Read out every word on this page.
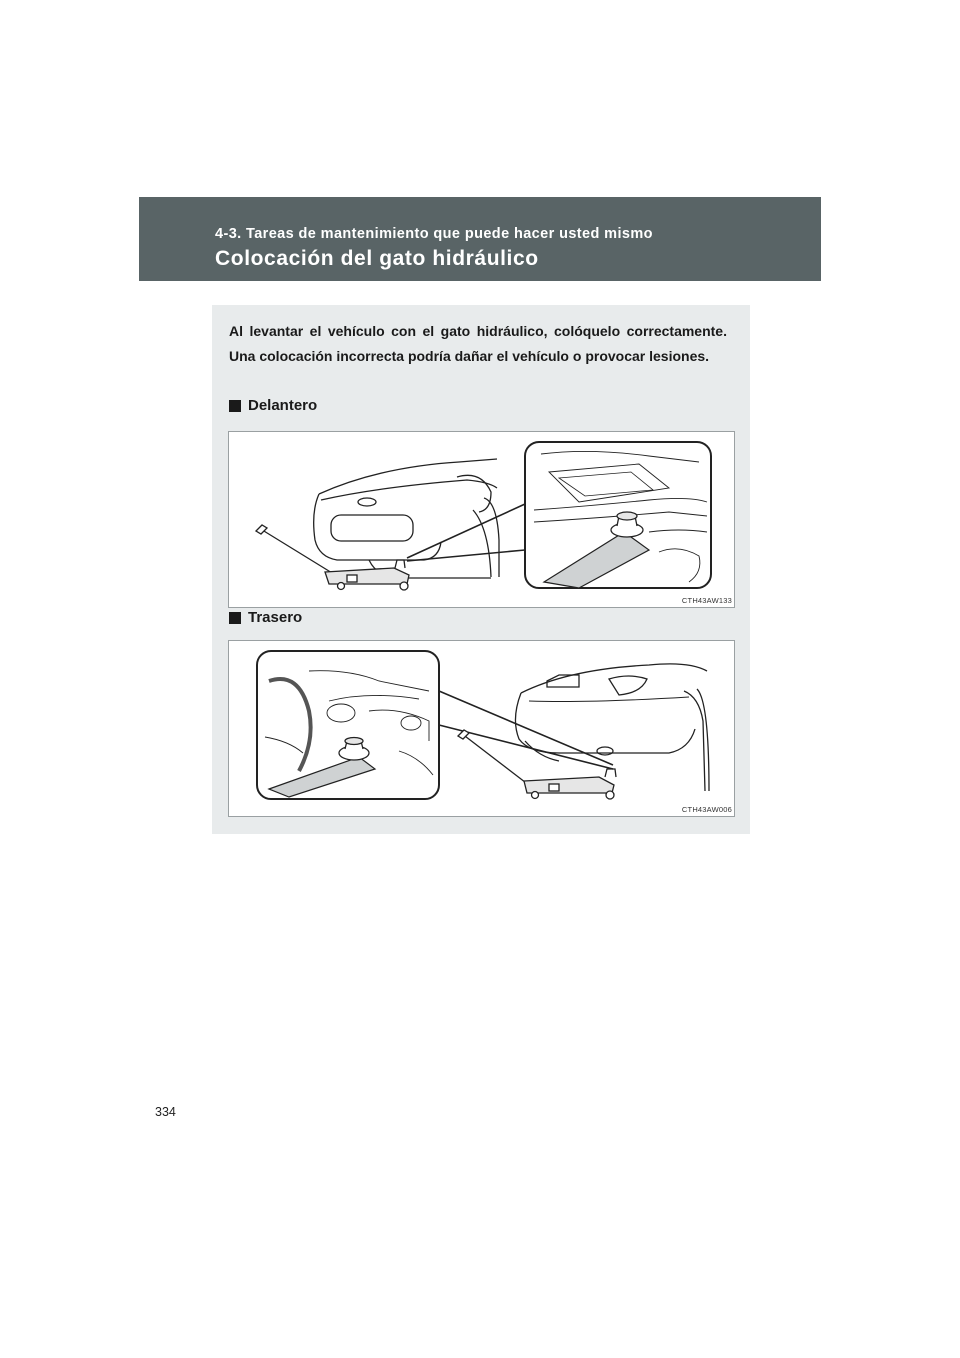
4-3. Tareas de mantenimiento que puede hacer usted mismo
Colocación del gato hidráulico

Al levantar el vehículo con el gato hidráulico, colóquelo correctamente. Una colocación incorrecta podría dañar el vehículo o provocar lesiones.

Delantero
CTH43AW133
Trasero
CTH43AW006
334
